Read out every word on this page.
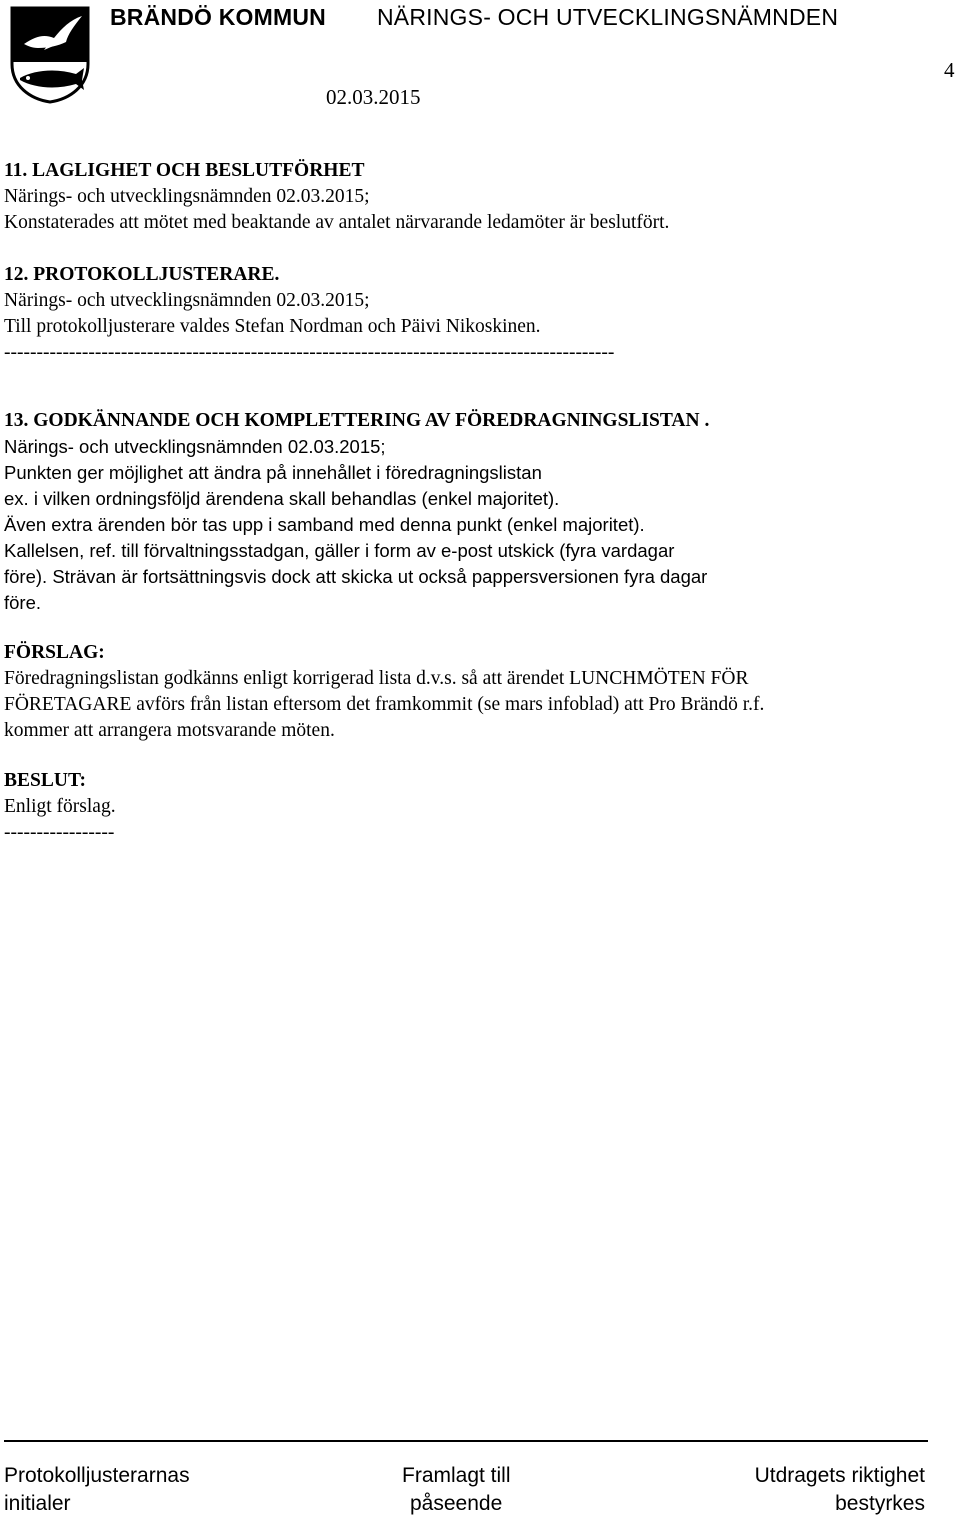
BRÄNDÖ KOMMUN NÄRINGS- OCH UTVECKLINGSNÄMNDEN
02.03.2015
4
11. LAGLIGHET OCH BESLUTFÖRHET
Närings- och utvecklingsnämnden 02.03.2015;
Konstaterades att mötet med beaktande av antalet närvarande ledamöter är beslutfört.
12. PROTOKOLLJUSTERARE.
Närings- och utvecklingsnämnden 02.03.2015;
Till protokolljusterare valdes Stefan Nordman och Päivi Nikoskinen.
----------------------------------------------------------------------------------------------
13. GODKÄNNANDE OCH KOMPLETTERING AV FÖREDRAGNINGSLISTAN .
Närings- och utvecklingsnämnden 02.03.2015;
Punkten ger möjlighet att ändra på innehållet i föredragningslistan
ex. i vilken ordningsföljd ärendena skall behandlas (enkel majoritet).
Även extra ärenden bör tas upp i samband med denna punkt (enkel majoritet).
Kallelsen, ref. till förvaltningsstadgan, gäller i form av e-post utskick (fyra vardagar
före). Strävan är fortsättningsvis dock att skicka ut också pappersversionen fyra dagar
före.
FÖRSLAG:
Föredragningslistan godkänns enligt korrigerad lista d.v.s. så att ärendet LUNCHMÖTEN FÖR
FÖRETAGARE avförs från listan eftersom det framkommit (se mars infoblad) att Pro Brändö r.f.
kommer att arrangera motsvarande möten.
BESLUT:
Enligt förslag.
-----------------
Protokolljusterarnas
initialer
Framlagt till
påseende
Utdragets riktighet
bestyrkes
